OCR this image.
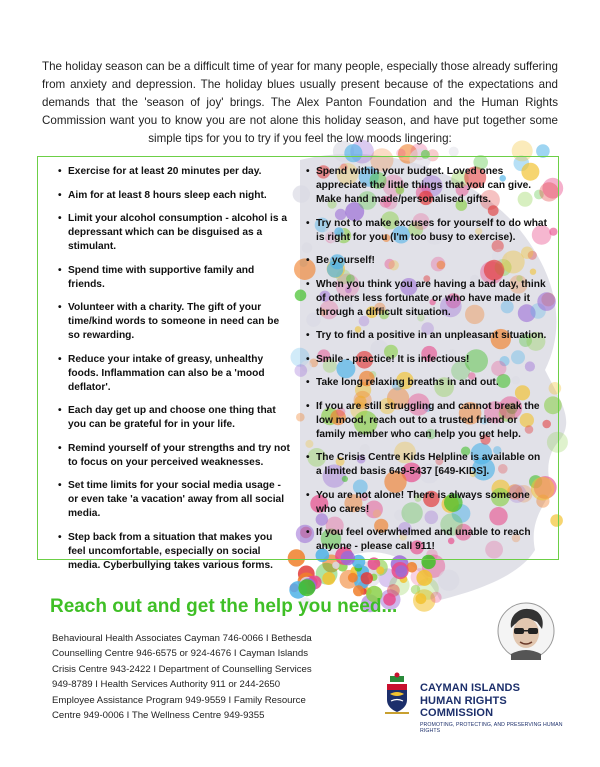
The holiday season can be a difficult time of year for many people, especially those already suffering from anxiety and depression. The holiday blues usually present because of the expectations and demands that the 'season of joy' brings. The Alex Panton Foundation and the Human Rights Commission want you to know you are not alone this holiday season, and have put together some simple tips for you to try if you feel the low moods lingering:

• Exercise for at least 20 minutes per day.
• Aim for at least 8 hours sleep each night.
• Limit your alcohol consumption - alcohol is a depressant which can be disguised as a stimulant.
• Spend time with supportive family and friends.
• Volunteer with a charity. The gift of your time/kind words to someone in need can be so rewarding.
• Reduce your intake of greasy, unhealthy foods. Inflammation can also be a 'mood deflator'.
• Each day get up and choose one thing that you can be grateful for in your life.
• Remind yourself of your strengths and try not to focus on your perceived weaknesses.
• Set time limits for your social media usage - or even take 'a vacation' away from all social media.
• Step back from a situation that makes you feel uncomfortable, especially on social media. Cyberbullying takes various forms.
• Spend within your budget. Loved ones appreciate the little things that you can give. Make hand made/personalised gifts.
• Try not to make excuses for yourself to do what is right for you (I'm too busy to exercise).
• Be yourself!
• When you think you are having a bad day, think of others less fortunate or who have made it through a difficult situation.
• Try to find a positive in an unpleasant situation.
• Smile - practice! It is infectious!
• Take long relaxing breaths in and out.
• If you are still struggling and cannot break the low mood, reach out to a trusted friend or family member who can help you get help.
• The Crisis Centre Kids Helpline is available on a limited basis 649-5437 [649-KIDS].
• You are not alone! There is always someone who cares!
• If you feel overwhelmed and unable to reach anyone - please call 911!
Reach out and get the help you need...
Behavioural Health Associates Cayman 746-0066 I Bethesda Counselling Centre 946-6575 or 924-4676 I Cayman Islands Crisis Centre 943-2422 I Department of Counselling Services 949-8789 I Health Services Authority 911 or 244-2650 Employee Assistance Program 949-9559 I Family Resource Centre 949-0006 I The Wellness Centre 949-9355
CAYMAN ISLANDS
HUMAN RIGHTS COMMISSION
PROMOTING, PROTECTING, AND PRESERVING HUMAN RIGHTS
